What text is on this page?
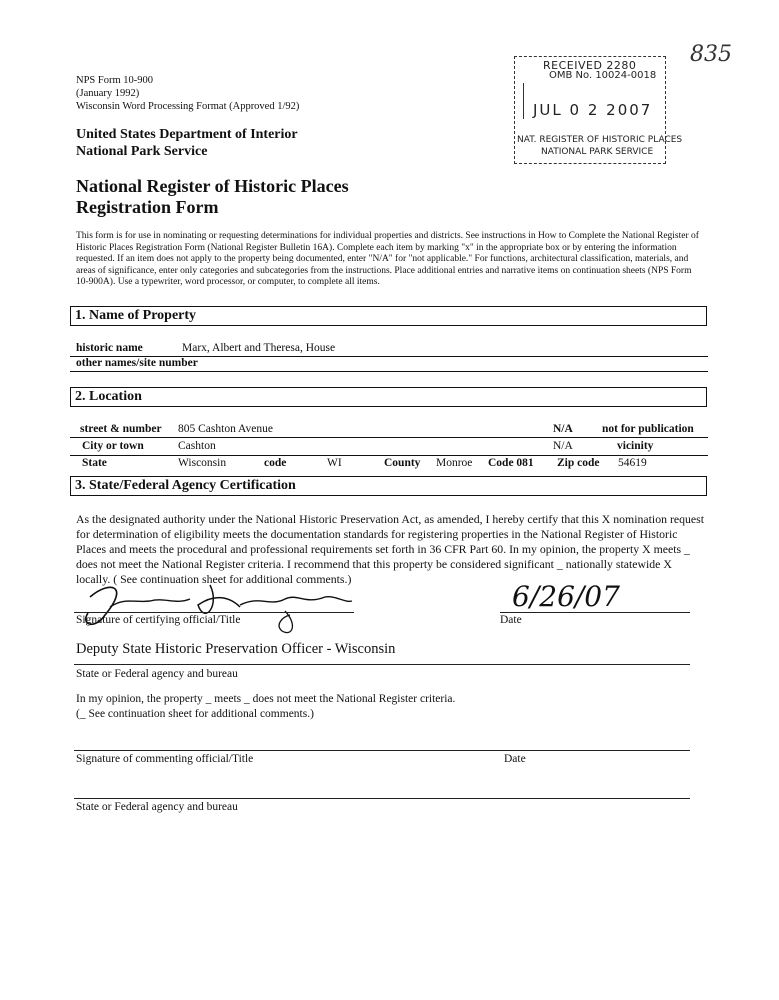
835
NPS Form 10-900
(January 1992)
Wisconsin Word Processing Format (Approved 1/92)
United States Department of Interior
National Park Service
National Register of Historic Places
Registration Form
RECEIVED 2280
OMB No. 10024-0018
JUL 0 2 2007
NAT. REGISTER OF HISTORIC PLACES
NATIONAL PARK SERVICE
This form is for use in nominating or requesting determinations for individual properties and districts. See instructions in How to Complete the National Register of Historic Places Registration Form (National Register Bulletin 16A). Complete each item by marking "x" in the appropriate box or by entering the information requested. If an item does not apply to the property being documented, enter "N/A" for "not applicable." For functions, architectural classification, materials, and areas of significance, enter only categories and subcategories from the instructions. Place additional entries and narrative items on continuation sheets (NPS Form 10-900A). Use a typewriter, word processor, or computer, to complete all items.
1. Name of Property
historic name	Marx, Albert and Theresa, House
other names/site number
2. Location
street & number 805 Cashton Avenue	N/A	not for publication
City or town	Cashton	N/A	vicinity
State	Wisconsin	code	WI	County Monroe Code 081 Zip code 54619
3. State/Federal Agency Certification
As the designated authority under the National Historic Preservation Act, as amended, I hereby certify that this X nomination request for determination of eligibility meets the documentation standards for registering properties in the National Register of Historic Places and meets the procedural and professional requirements set forth in 36 CFR Part 60. In my opinion, the property X meets _ does not meet the National Register criteria. I recommend that this property be considered significant _ nationally statewide X locally. ( See continuation sheet for additional comments.)
Signature of certifying official/Title
6/26/07
Date
Deputy State Historic Preservation Officer - Wisconsin
State or Federal agency and bureau
In my opinion, the property _ meets _ does not meet the National Register criteria.
(_ See continuation sheet for additional comments.)
Signature of commenting official/Title	Date
State or Federal agency and bureau
